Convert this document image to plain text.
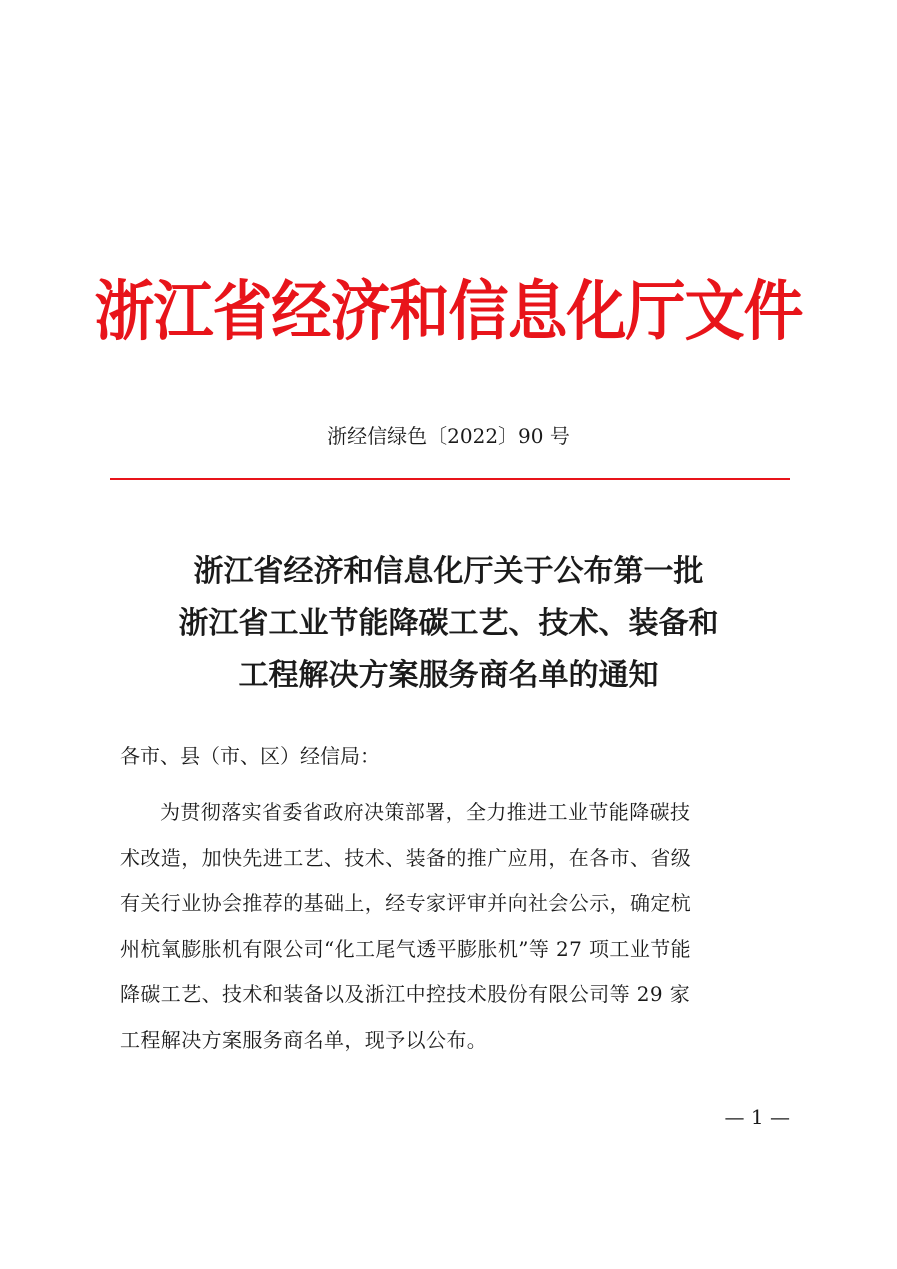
浙江省经济和信息化厅文件
浙经信绿色〔2022〕90 号
浙江省经济和信息化厅关于公布第一批
浙江省工业节能降碳工艺、技术、装备和
工程解决方案服务商名单的通知
各市、县（市、区）经信局：
为贯彻落实省委省政府决策部署，全力推进工业节能降碳技
术改造，加快先进工艺、技术、装备的推广应用，在各市、省级
有关行业协会推荐的基础上，经专家评审并向社会公示，确定杭
州杭氧膨胀机有限公司“化工尾气透平膨胀机”等 27 项工业节能
降碳工艺、技术和装备以及浙江中控技术股份有限公司等 29 家
工程解决方案服务商名单，现予以公布。
— 1 —
